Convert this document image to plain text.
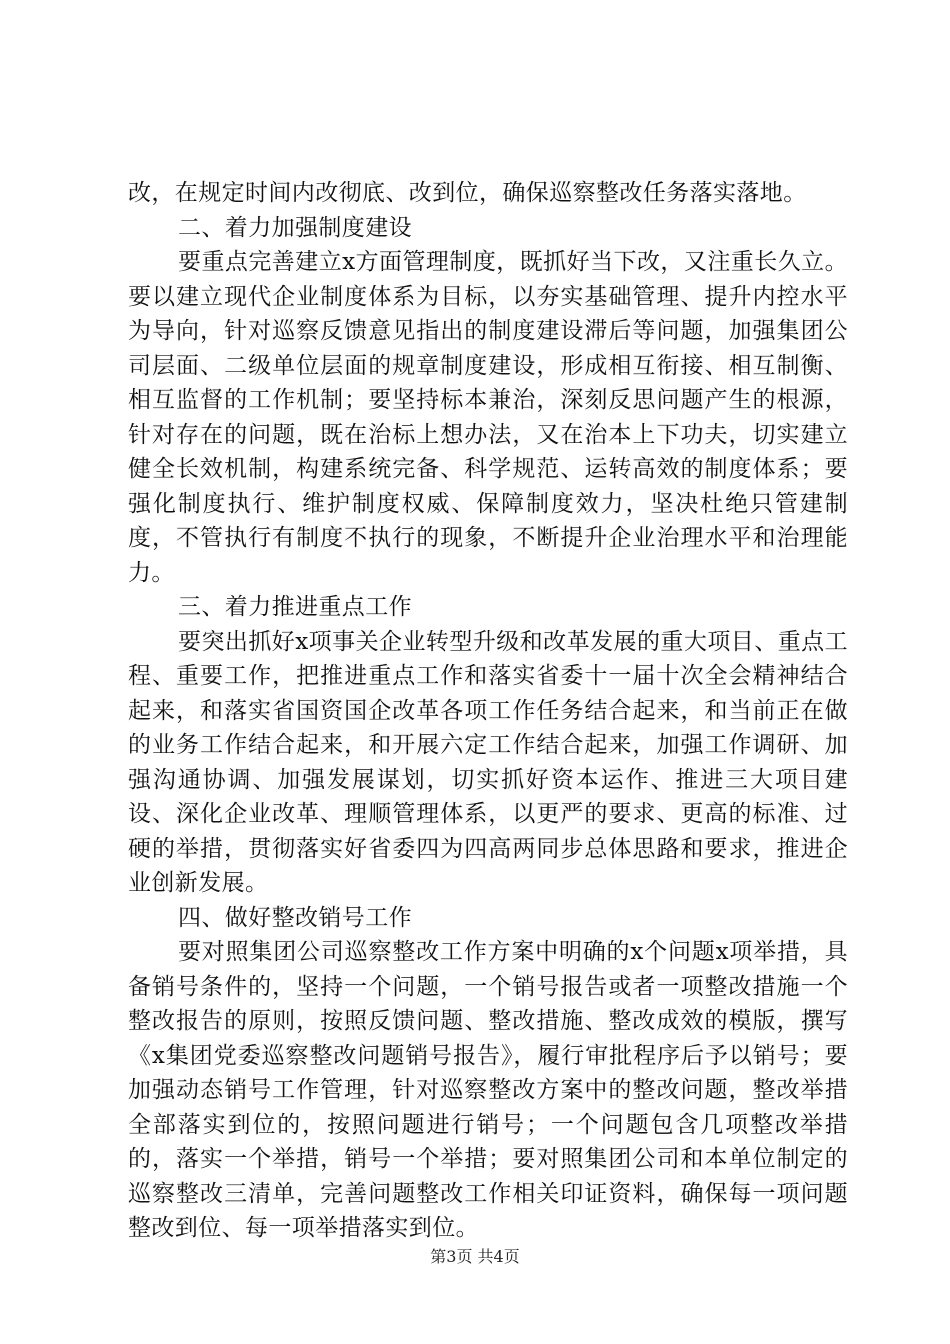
改，在规定时间内改彻底、改到位，确保巡察整改任务落实落地。

二、着力加强制度建设

要重点完善建立x方面管理制度，既抓好当下改，又注重长久立。要以建立现代企业制度体系为目标，以夯实基础管理、提升内控水平为导向，针对巡察反馈意见指出的制度建设滞后等问题，加强集团公司层面、二级单位层面的规章制度建设，形成相互衔接、相互制衡、相互监督的工作机制；要坚持标本兼治，深刻反思问题产生的根源，针对存在的问题，既在治标上想办法，又在治本上下功夫，切实建立健全长效机制，构建系统完备、科学规范、运转高效的制度体系；要强化制度执行、维护制度权威、保障制度效力，坚决杜绝只管建制度，不管执行有制度不执行的现象，不断提升企业治理水平和治理能力。

三、着力推进重点工作

要突出抓好x项事关企业转型升级和改革发展的重大项目、重点工程、重要工作，把推进重点工作和落实省委十一届十次全会精神结合起来，和落实省国资国企改革各项工作任务结合起来，和当前正在做的业务工作结合起来，和开展六定工作结合起来，加强工作调研、加强沟通协调、加强发展谋划，切实抓好资本运作、推进三大项目建设、深化企业改革、理顺管理体系，以更严的要求、更高的标准、过硬的举措，贯彻落实好省委四为四高两同步总体思路和要求，推进企业创新发展。

四、做好整改销号工作

要对照集团公司巡察整改工作方案中明确的x个问题x项举措，具备销号条件的，坚持一个问题，一个销号报告或者一项整改措施一个整改报告的原则，按照反馈问题、整改措施、整改成效的模版，撰写《x集团党委巡察整改问题销号报告》，履行审批程序后予以销号；要加强动态销号工作管理，针对巡察整改方案中的整改问题，整改举措全部落实到位的，按照问题进行销号；一个问题包含几项整改举措的，落实一个举措，销号一个举措；要对照集团公司和本单位制定的巡察整改三清单，完善问题整改工作相关印证资料，确保每一项问题整改到位、每一项举措落实到位。

第3页 共4页
